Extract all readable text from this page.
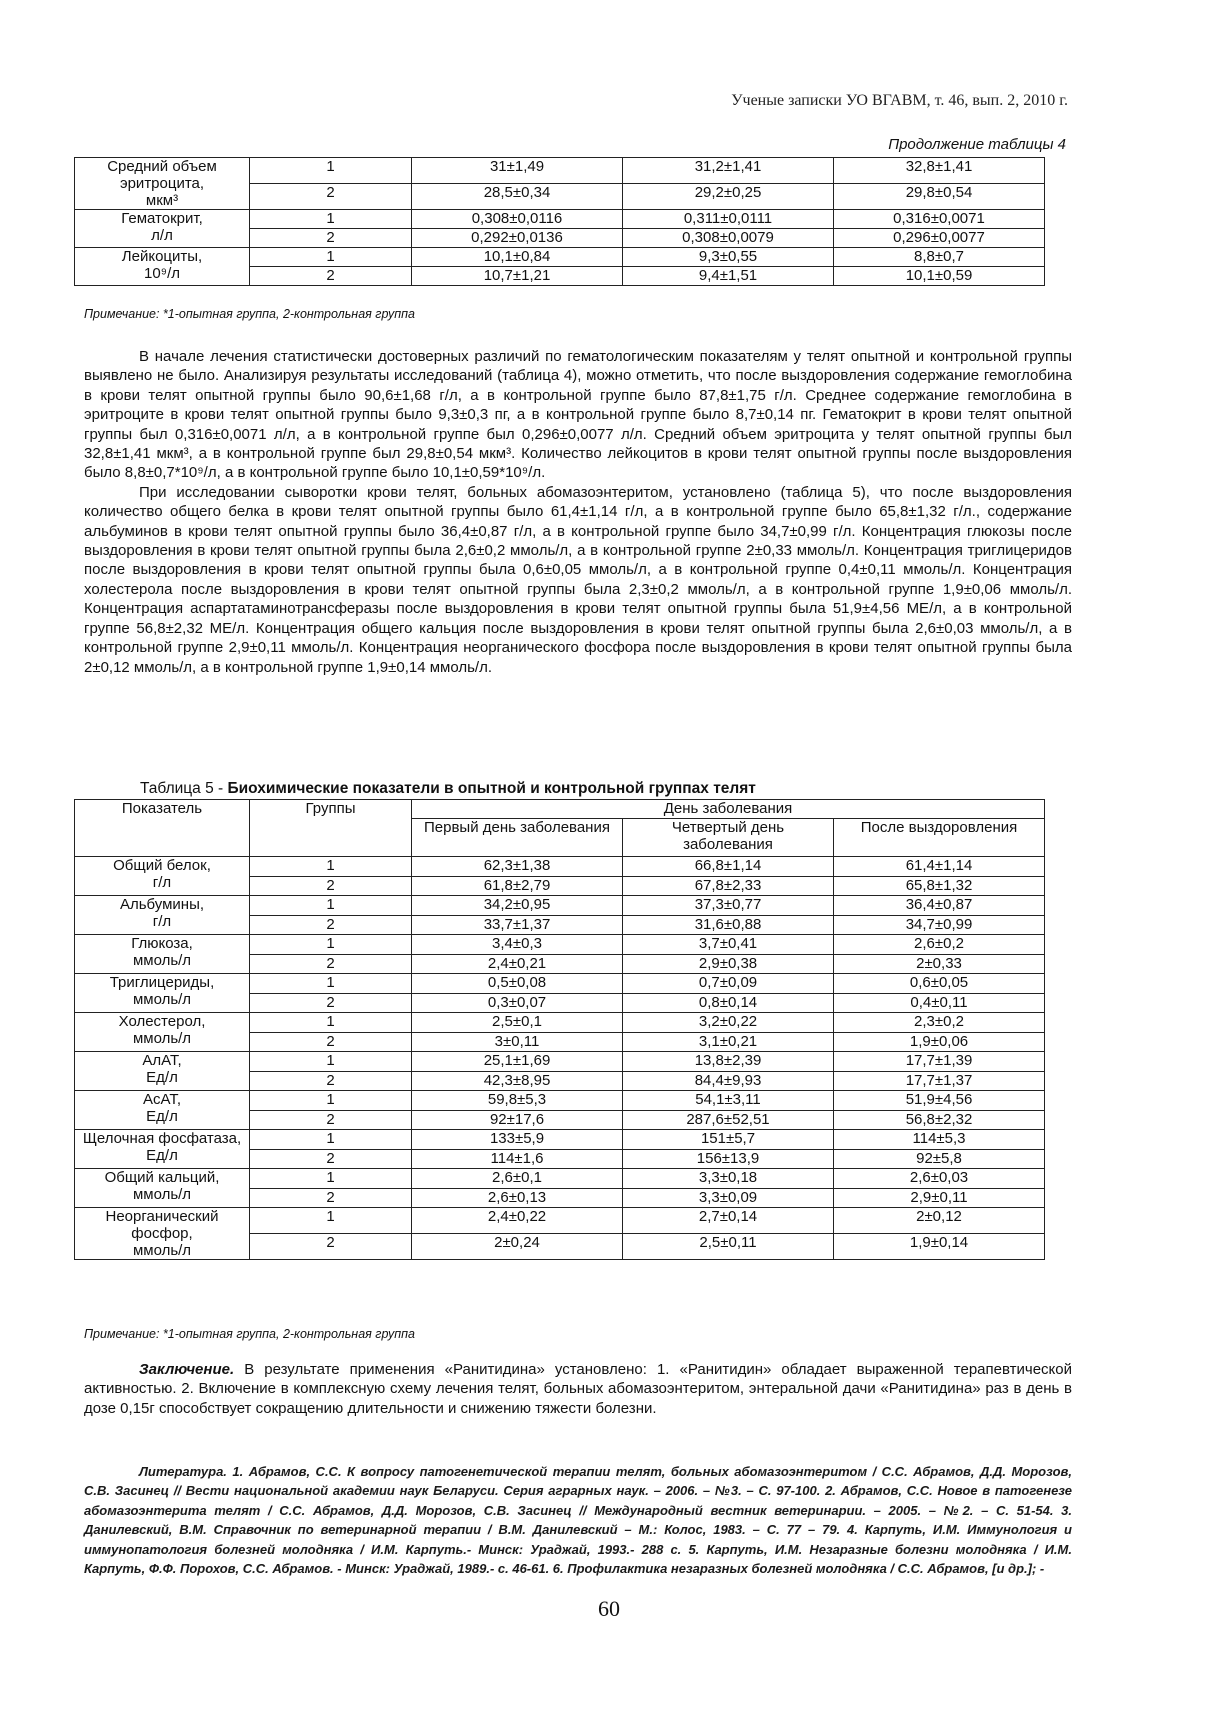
Ученые записки УО ВГАВМ, т. 46, вып. 2, 2010 г.
Продолжение таблицы 4
Средний объем
эритроцита,
мкм³	1	31±1,49	31,2±1,41	32,8±1,41
	2	28,5±0,34	29,2±0,25	29,8±0,54

Гематокрит,
л/л	1	0,308±0,0116	0,311±0,0111	0,316±0,0071
	2	0,292±0,0136	0,308±0,0079	0,296±0,0077

Лейкоциты,
10⁹/л	1	10,1±0,84	9,3±0,55	8,8±0,7
	2	10,7±1,21	9,4±1,51	10,1±0,59
Примечание: *1-опытная группа, 2-контрольная группа

В начале лечения статистически достоверных различий по гематологическим показателям у телят опытной и контрольной группы выявлено не было. Анализируя результаты исследований (таблица 4), можно отметить, что после выздоровления содержание гемоглобина в крови телят опытной группы было 90,6±1,68 г/л, а в контрольной группе было 87,8±1,75 г/л. Среднее содержание гемоглобина в эритроците в крови телят опытной группы было 9,3±0,3 пг, а в контрольной группе было 8,7±0,14 пг. Гематокрит в крови телят опытной группы был 0,316±0,0071 л/л, а в контрольной группе был 0,296±0,0077 л/л. Средний объем эритроцита у телят опытной группы был 32,8±1,41 мкм³, а в контрольной группе был 29,8±0,54 мкм³. Количество лейкоцитов в крови телят опытной группы после выздоровления было 8,8±0,7*10⁹/л, а в контрольной группе было 10,1±0,59*10⁹/л.

При исследовании сыворотки крови телят, больных абомазоэнтеритом, установлено (таблица 5), что после выздоровления количество общего белка в крови телят опытной группы было 61,4±1,14 г/л, а в контрольной группе было 65,8±1,32 г/л., содержание альбуминов в крови телят опытной группы было 36,4±0,87 г/л, а в контрольной группе было 34,7±0,99 г/л. Концентрация глюкозы после выздоровления в крови телят опытной группы была 2,6±0,2 ммоль/л, а в контрольной группе 2±0,33 ммоль/л. Концентрация триглицеридов после выздоровления в крови телят опытной группы была 0,6±0,05 ммоль/л, а в контрольной группе 0,4±0,11 ммоль/л. Концентрация холестерола после выздоровления в крови телят опытной группы была 2,3±0,2 ммоль/л, а в контрольной группе 1,9±0,06 ммоль/л. Концентрация аспартатаминотрансферазы после выздоровления в крови телят опытной группы была 51,9±4,56 МЕ/л, а в контрольной группе 56,8±2,32 МЕ/л. Концентрация общего кальция после выздоровления в крови телят опытной группы была 2,6±0,03 ммоль/л, а в контрольной группе 2,9±0,11 ммоль/л. Концентрация неорганического фосфора после выздоровления в крови телят опытной группы была 2±0,12 ммоль/л, а в контрольной группе 1,9±0,14 ммоль/л.

Таблица 5 - Биохимические показатели в опытной и контрольной группах телят
Показатель	Группы	День заболевания		
		Первый день заболевания	Четвертый день заболевания	После выздоровления

Общий белок,
г/л	1	62,3±1,38	66,8±1,14	61,4±1,14
	2	61,8±2,79	67,8±2,33	65,8±1,32

Альбумины,
г/л	1	34,2±0,95	37,3±0,77	36,4±0,87
	2	33,7±1,37	31,6±0,88	34,7±0,99

Глюкоза,
ммоль/л	1	3,4±0,3	3,7±0,41	2,6±0,2
	2	2,4±0,21	2,9±0,38	2±0,33

Триглицериды,
ммоль/л	1	0,5±0,08	0,7±0,09	0,6±0,05
	2	0,3±0,07	0,8±0,14	0,4±0,11

Холестерол,
ммоль/л	1	2,5±0,1	3,2±0,22	2,3±0,2
	2	3±0,11	3,1±0,21	1,9±0,06

АлАТ,
Ед/л	1	25,1±1,69	13,8±2,39	17,7±1,39
	2	42,3±8,95	84,4±9,93	17,7±1,37

АсАТ,
Ед/л	1	59,8±5,3	54,1±3,11	51,9±4,56
	2	92±17,6	287,6±52,51	56,8±2,32

Щелочная фосфатаза,
Ед/л	1	133±5,9	151±5,7	114±5,3
	2	114±1,6	156±13,9	92±5,8

Общий кальций,
ммоль/л	1	2,6±0,1	3,3±0,18	2,6±0,03
	2	2,6±0,13	3,3±0,09	2,9±0,11

Неорганический
фосфор,
ммоль/л	1	2,4±0,22	2,7±0,14	2±0,12
	2	2±0,24	2,5±0,11	1,9±0,14
Примечание: *1-опытная группа, 2-контрольная группа

Заключение. В результате применения «Ранитидина» установлено: 1. «Ранитидин» обладает выраженной терапевтической активностью. 2. Включение в комплексную схему лечения телят, больных абомазоэнтеритом, энтеральной дачи «Ранитидина» раз в день в дозе 0,15г способствует сокращению длительности и снижению тяжести болезни.

Литература. 1. Абрамов, С.С. К вопросу патогенетической терапии телят, больных абомазоэнтеритом / С.С. Абрамов, Д.Д. Морозов, С.В. Засинец // Вести национальной академии наук Беларуси. Серия аграрных наук. – 2006. – №3. – С. 97-100. 2. Абрамов, С.С. Новое в патогенезе абомазоэнтерита телят / С.С. Абрамов, Д.Д. Морозов, С.В. Засинец // Международный вестник ветеринарии. – 2005. – №2. – С. 51-54. 3. Данилевский, В.М. Справочник по ветеринарной терапии / В.М. Данилевский – М.: Колос, 1983. – С. 77 – 79. 4. Карпуть, И.М. Иммунология и иммунопатология болезней молодняка / И.М. Карпуть.- Минск: Ураджай, 1993.- 288 с. 5. Карпуть, И.М. Незаразные болезни молодняка / И.М. Карпуть, Ф.Ф. Порохов, С.С. Абрамов. - Минск: Ураджай, 1989.- с. 46-61. 6. Профилактика незаразных болезней молодняка / С.С. Абрамов, [и др.]; -

60
